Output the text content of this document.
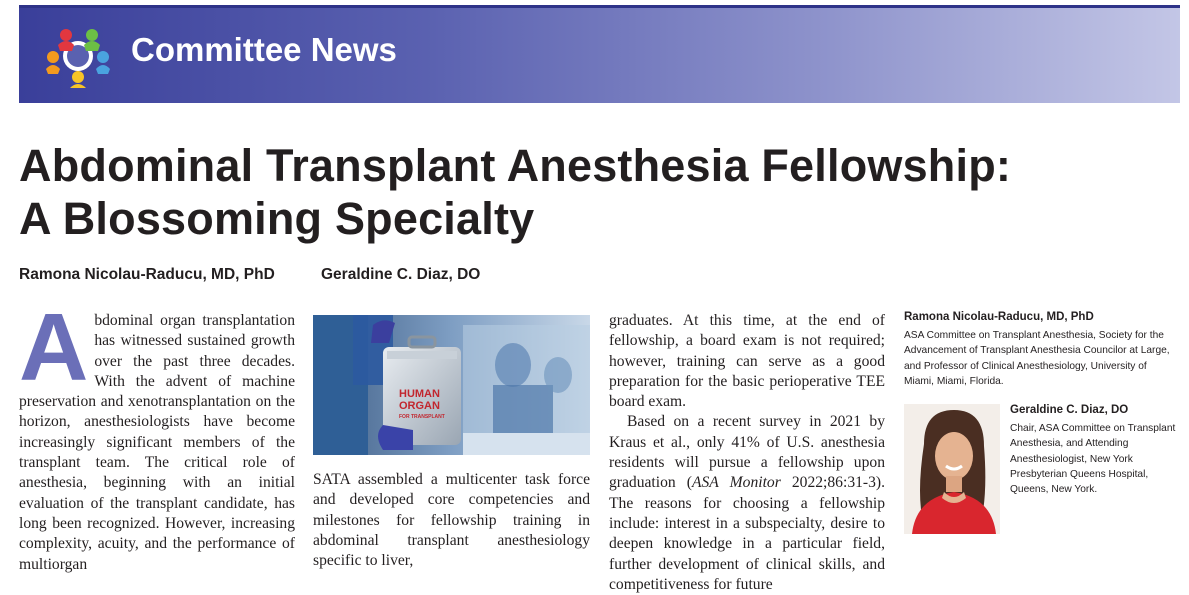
Committee News
Abdominal Transplant Anesthesia Fellowship:
A Blossoming Specialty
Ramona Nicolau-Raducu, MD, PhD	Geraldine C. Diaz, DO
A bdominal organ transplantation has witnessed sustained growth over the past three decades. With the advent of machine preservation and xenotransplantation on the horizon, anesthesiologists have become increasingly significant members of the transplant team. The critical role of anesthesia, beginning with an initial evaluation of the transplant candidate, has long been recognized. However, increasing complexity, acuity, and the performance of multiorgan
HUMAN
ORGAN
FOR TRANSPLANT
SATA assembled a multicenter task force and developed core competencies and milestones for fellowship training in abdominal transplant anesthesiology specific to liver,

graduates. At this time, at the end of fellowship, a board exam is not required; however, training can serve as a good preparation for the basic perioperative TEE board exam.

Based on a recent survey in 2021 by Kraus et al., only 41% of U.S. anesthesia residents will pursue a fellowship upon graduation (ASA Monitor 2022;86:31-3). The reasons for choosing a fellowship include: interest in a subspecialty, desire to deepen knowledge in a particular field, further development of clinical skills, and competitiveness for future

Ramona Nicolau-Raducu, MD, PhD
ASA Committee on Transplant Anesthesia, Society for the Advancement of Transplant Anesthesia Councilor at Large, and Professor of Clinical Anesthesiology, University of Miami, Miami, Florida.
Geraldine C. Diaz, DO
Chair, ASA Committee on Transplant Anesthesia, and Attending Anesthesiologist, New York Presbyterian Queens Hospital, Queens, New York.
